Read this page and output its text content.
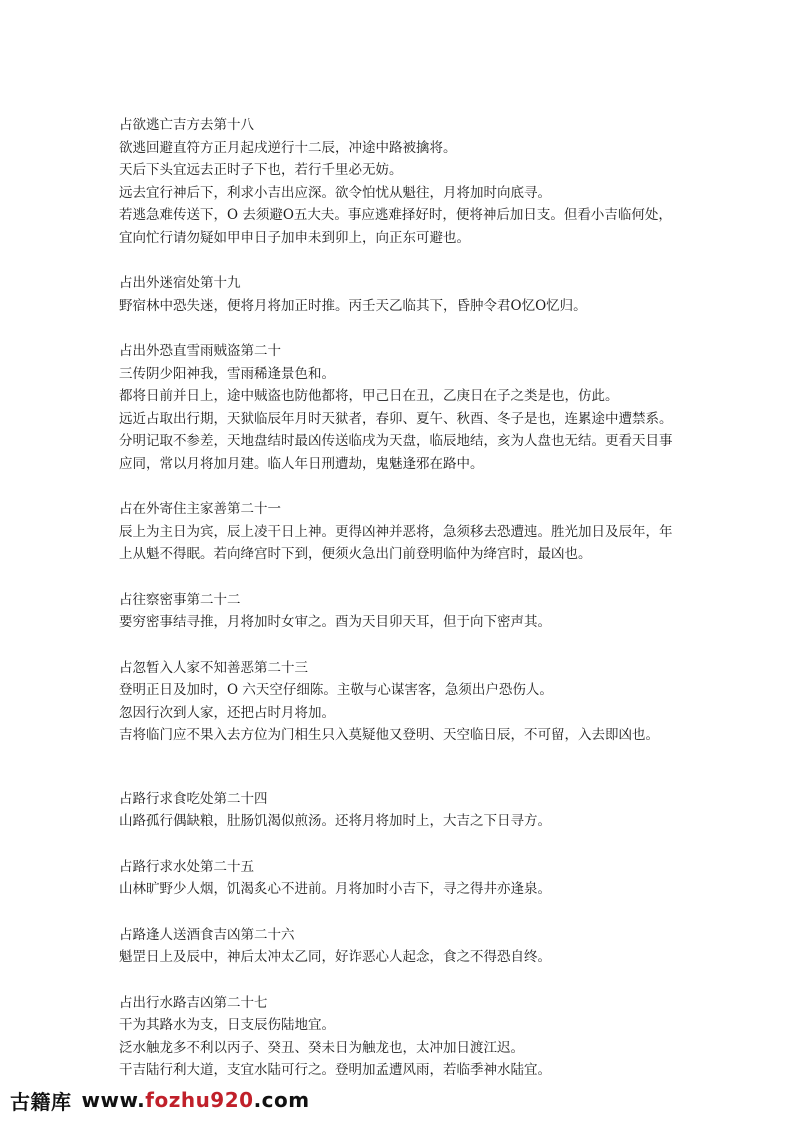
占欲逃亡吉方去第十八

欲逃回避直符方正月起戌逆行十二辰，冲途中路被擒将。

天后下头宜远去正时子下也，若行千里必无妨。

远去宜行神后下，利求小吉出应深。欲令怕忧从魁往，月将加时向底寻。

若逃急难传送下，O 去须避O五大夫。事应逃难择好时，便将神后加日支。但看小吉临何处，宜向忙行请勿疑如甲申日子加申未到卯上，向正东可避也。

占出外迷宿处第十九

野宿林中恐失迷，便将月将加正时推。丙壬天乙临其下，昏肿令君O忆O忆归。

占出外恐直雪雨贼盗第二十

三传阴少阳神我，雪雨稀逢景色和。

都将日前并日上，途中贼盗也防他都将，甲己日在丑，乙庚日在子之类是也，仿此。

远近占取出行期，天狱临辰年月时天狱者，春卯、夏午、秋酉、冬子是也，连累途中遭禁系。分明记取不参差，天地盘结时最凶传送临戌为天盘，临辰地结，亥为人盘也无结。更看天目事应同，常以月将加月建。临人年日刑遭劫，鬼魅逢邪在路中。

占在外寄住主家善第二十一

辰上为主日为宾，辰上凌干日上神。更得凶神并恶将，急须移去恐遭迍。胜光加日及辰年，年上从魁不得眠。若向绛宫时下到，便须火急出门前登明临仲为绛宫时，最凶也。

占往察密事第二十二

要穷密事结寻推，月将加时女审之。酉为天目卯天耳，但于向下密声其。

占忽暂入人家不知善恶第二十三

登明正日及加时，O 六天空仔细陈。主敬与心谋害客，急须出户恐伤人。

忽因行次到人家，还把占时月将加。

吉将临门应不果入去方位为门相生只入莫疑他又登明、天空临日辰，不可留，入去即凶也。

占路行求食吃处第二十四

山路孤行偶缺粮，肚肠饥渴似煎汤。还将月将加时上，大吉之下日寻方。

占路行求水处第二十五

山林旷野少人烟，饥渴炙心不进前。月将加时小吉下，寻之得井亦逢泉。

占路逢人送酒食吉凶第二十六

魁罡日上及辰中，神后太冲太乙同，好诈恶心人起念，食之不得恐自终。

占出行水路吉凶第二十七

干为其路水为支，日支辰伤陆地宜。

泛水触龙多不利以丙子、癸丑、癸未日为触龙也，太冲加日渡江迟。

干吉陆行利大道，支宜水陆可行之。登明加孟遭风雨，若临季神水陆宜。

古籍库 www. fozhu920 .com
